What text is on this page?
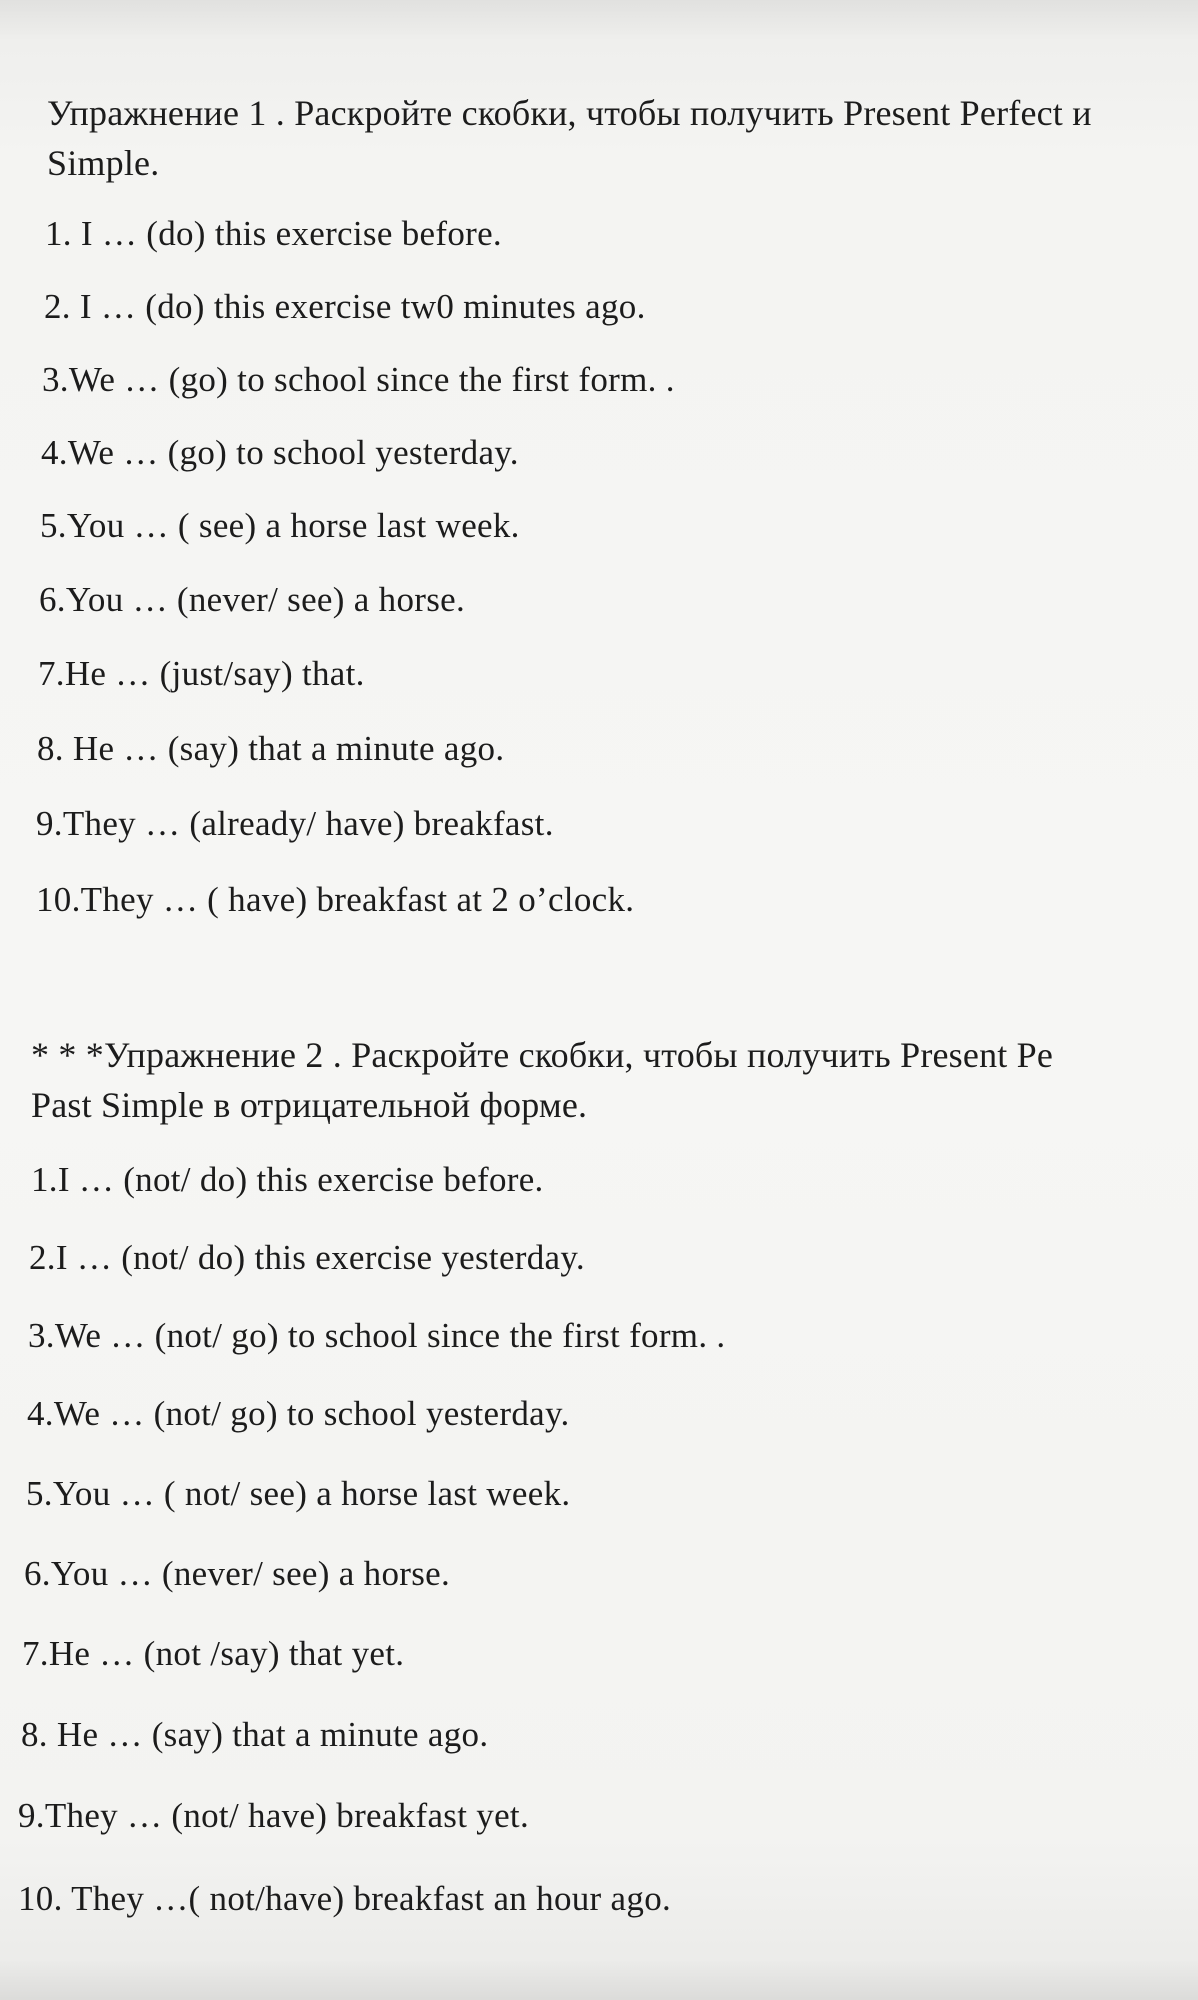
Упражнение 1 . Раскройте скобки, чтобы получить Present Perfect и
Simple.
1. I … (do) this exercise before.
2. I … (do) this exercise tw0 minutes ago.
3.We … (go) to school since the first form. .
4.We … (go) to school yesterday.
5.You … ( see) a horse last week.
6.You … (never/ see) a horse.
7.He … (just/say) that.
8. He … (say) that a minute ago.
9.They … (already/ have) breakfast.
10.They … ( have) breakfast at 2 o’clock.
* * *Упражнение 2 . Раскройте скобки, чтобы получить Present Pe
Past Simple в отрицательной форме.
1.I … (not/ do) this exercise before.
2.I … (not/ do) this exercise yesterday.
3.We … (not/ go) to school since the first form. .
4.We … (not/ go) to school yesterday.
5.You … ( not/ see) a horse last week.
6.You … (never/ see) a horse.
7.He … (not /say) that yet.
8. He … (say) that a minute ago.
9.They … (not/ have) breakfast yet.
10. They …( not/have) breakfast an hour ago.
